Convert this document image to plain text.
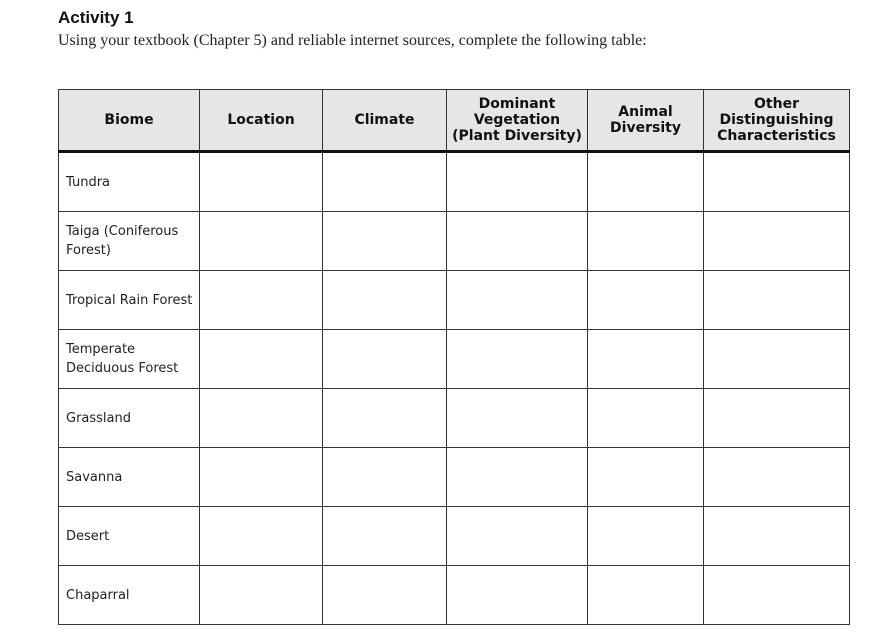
Activity 1
Using your textbook (Chapter 5) and reliable internet sources, complete the following table:
Biome	Location	Climate	Dominant
Vegetation
(Plant Diversity)	Animal
Diversity	Other
Distinguishing
Characteristics
Tundra					
Taiga (Coniferous Forest)					
Tropical Rain Forest					
Temperate Deciduous Forest					
Grassland					
Savanna					
Desert					
Chaparral					
